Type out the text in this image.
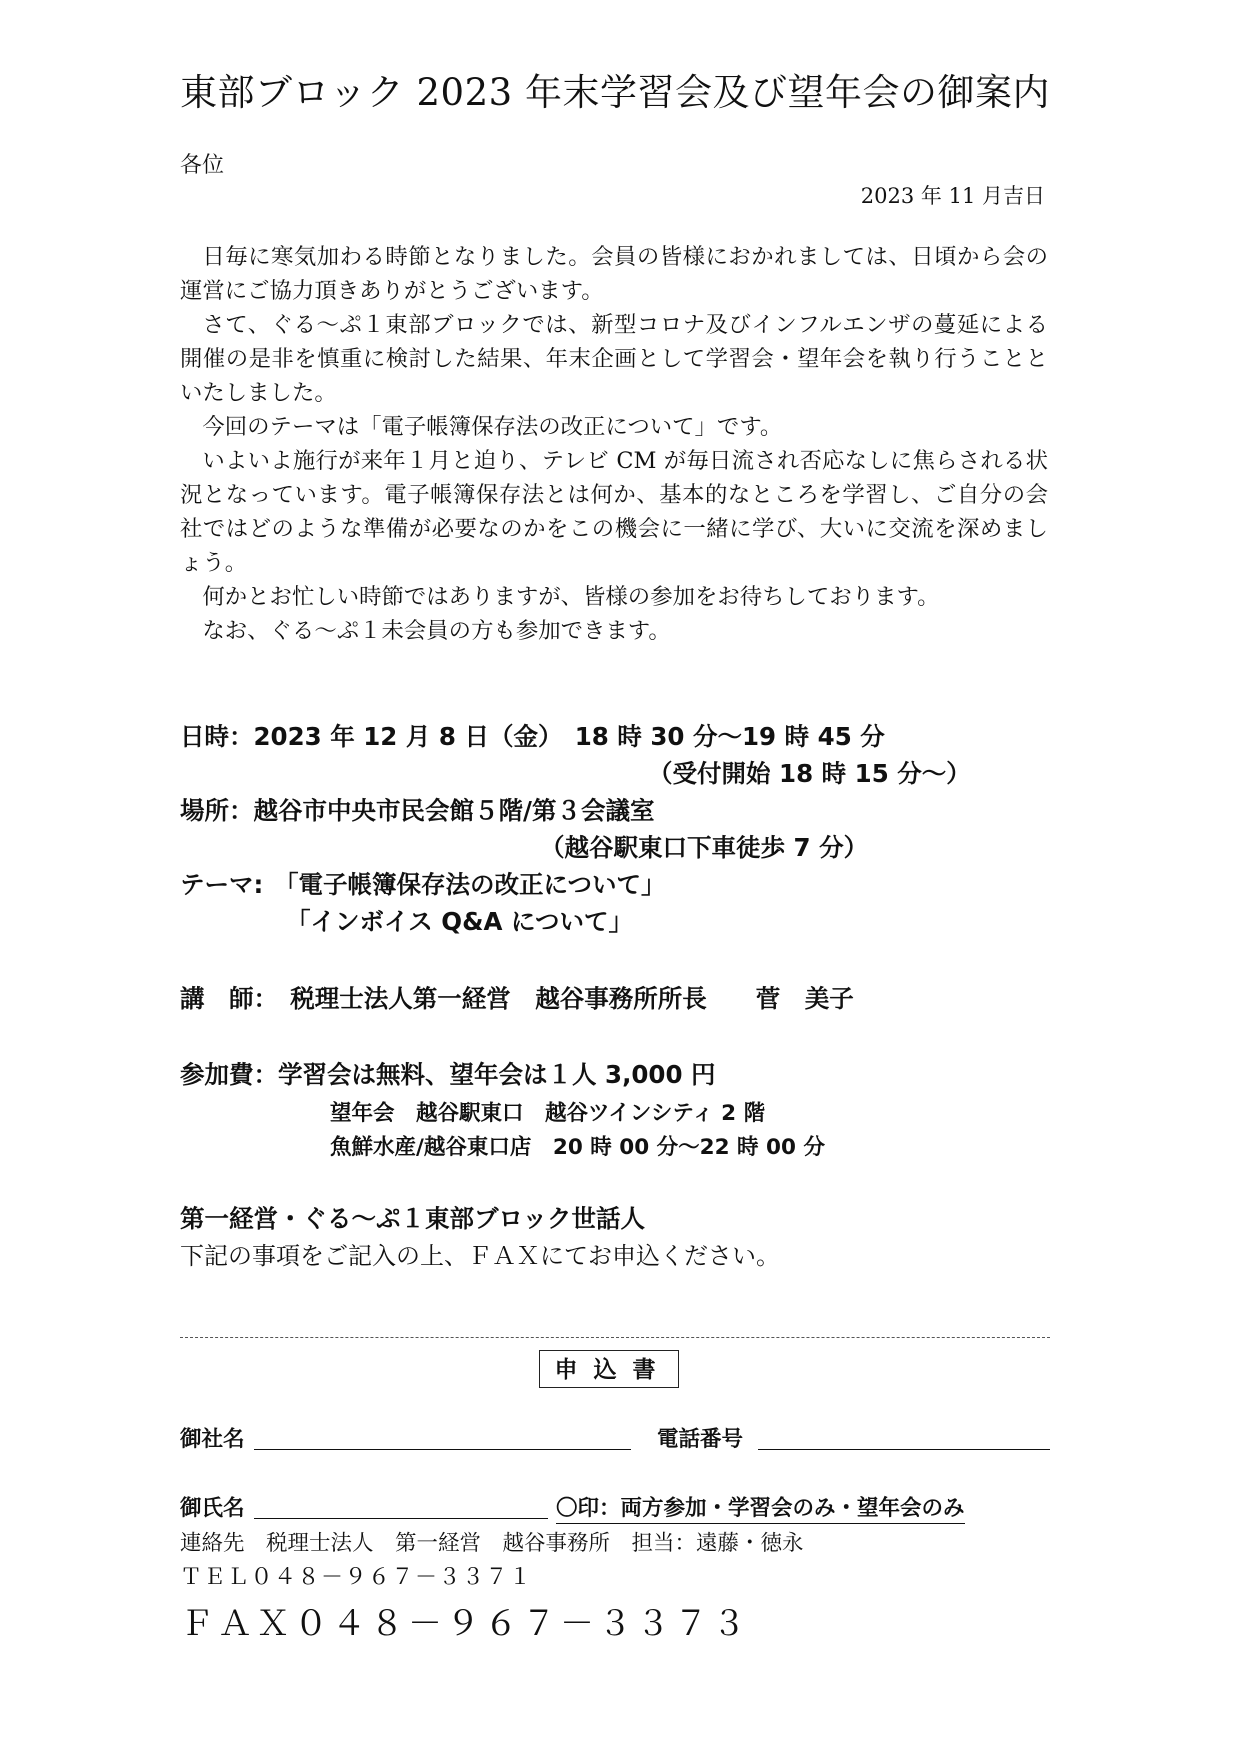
東部ブロック 2023 年末学習会及び望年会の御案内
各位
2023 年 11 月吉日

日毎に寒気加わる時節となりました。会員の皆様におかれましては、日頃から会の運営にご協力頂きありがとうございます。

さて、ぐる～ぷ１東部ブロックでは、新型コロナ及びインフルエンザの蔓延による開催の是非を慎重に検討した結果、年末企画として学習会・望年会を執り行うことといたしました。

今回のテーマは「電子帳簿保存法の改正について」です。

いよいよ施行が来年１月と迫り、テレビ CM が毎日流され否応なしに焦らされる状況となっています。電子帳簿保存法とは何か、基本的なところを学習し、ご自分の会社ではどのような準備が必要なのかをこの機会に一緒に学び、大いに交流を深めましょう。

何かとお忙しい時節ではありますが、皆様の参加をお待ちしております。

なお、ぐる～ぷ１未会員の方も参加できます。

日時：2023 年 12 月 8 日（金）　18 時 30 分～19 時 45 分
（受付開始 18 時 15 分～）
場所：越谷市中央市民会館５階/第３会議室
（越谷駅東口下車徒歩 7 分）
テーマ: 「電子帳簿保存法の改正について」
「インボイス Q&A について」
講　師：　税理士法人第一経営　越谷事務所所長　　菅　美子
参加費：学習会は無料、望年会は１人 3,000 円
望年会　越谷駅東口　越谷ツインシティ 2 階
魚鮮水産/越谷東口店　20 時 00 分～22 時 00 分
第一経営・ぐる～ぷ１東部ブロック世話人
下記の事項をご記入の上、ＦＡＸにてお申込ください。
申込書
御社名	電話番号
御氏名	〇印：両方参加・学習会のみ・望年会のみ
連絡先　税理士法人　第一経営　越谷事務所　担当：遠藤・徳永
ＴＥＬ０４８－９６７－３３７１
ＦＡＸ０４８－９６７－３３７３
